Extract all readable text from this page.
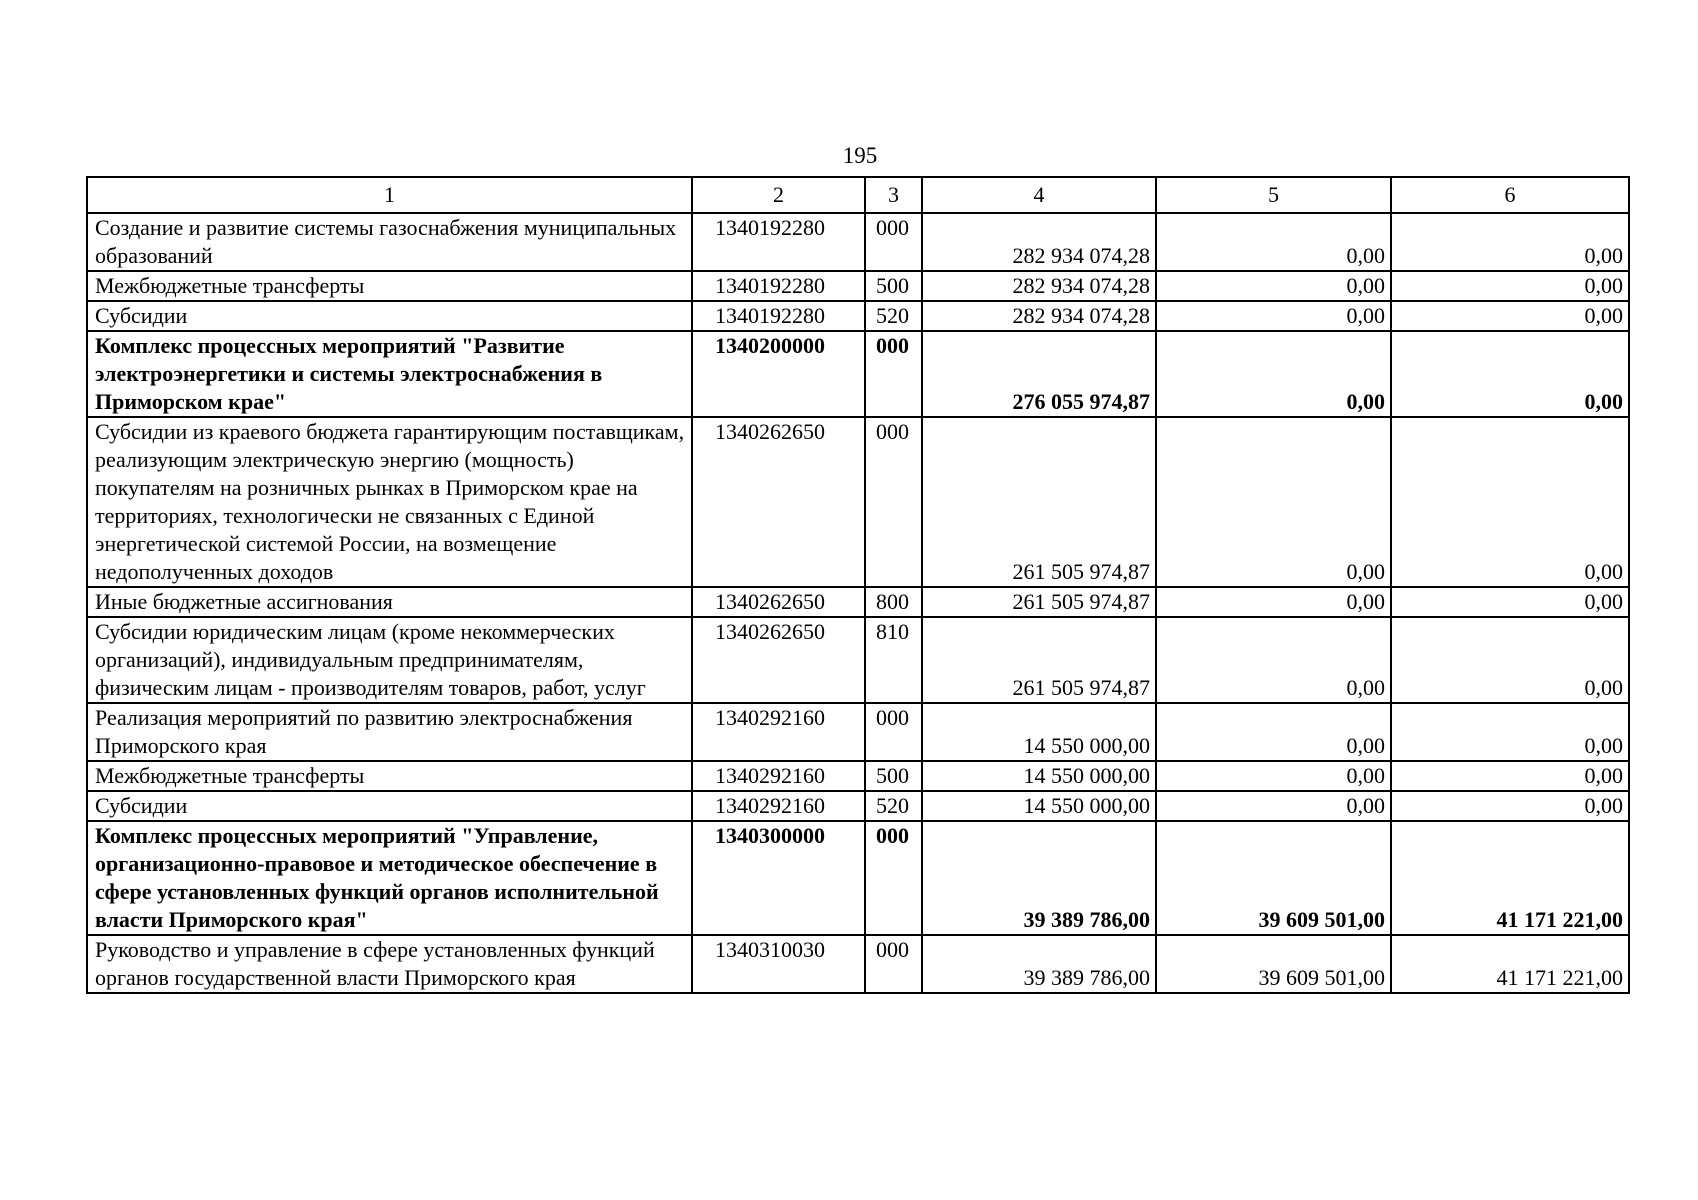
195
1	2	3	4	5	6
Создание и развитие системы газоснабжения муниципальных образований	1340192280	000	282 934 074,28	0,00	0,00
Межбюджетные трансферты	1340192280	500	282 934 074,28	0,00	0,00
Субсидии	1340192280	520	282 934 074,28	0,00	0,00
Комплекс процессных мероприятий "Развитие электроэнергетики и системы электроснабжения в Приморском крае"	1340200000	000	276 055 974,87	0,00	0,00
Субсидии из краевого бюджета гарантирующим поставщикам, реализующим электрическую энергию (мощность) покупателям на розничных рынках в Приморском крае на территориях, технологически не связанных с Единой энергетической системой России, на возмещение недополученных доходов	1340262650	000	261 505 974,87	0,00	0,00
Иные бюджетные ассигнования	1340262650	800	261 505 974,87	0,00	0,00
Субсидии юридическим лицам (кроме некоммерческих организаций), индивидуальным предпринимателям, физическим лицам - производителям товаров, работ, услуг	1340262650	810	261 505 974,87	0,00	0,00
Реализация мероприятий по развитию электроснабжения Приморского края	1340292160	000	14 550 000,00	0,00	0,00
Межбюджетные трансферты	1340292160	500	14 550 000,00	0,00	0,00
Субсидии	1340292160	520	14 550 000,00	0,00	0,00
Комплекс процессных мероприятий "Управление, организационно-правовое и методическое обеспечение в сфере установленных функций органов исполнительной власти Приморского края"	1340300000	000	39 389 786,00	39 609 501,00	41 171 221,00
Руководство и управление в сфере установленных функций органов государственной власти Приморского края	1340310030	000	39 389 786,00	39 609 501,00	41 171 221,00
